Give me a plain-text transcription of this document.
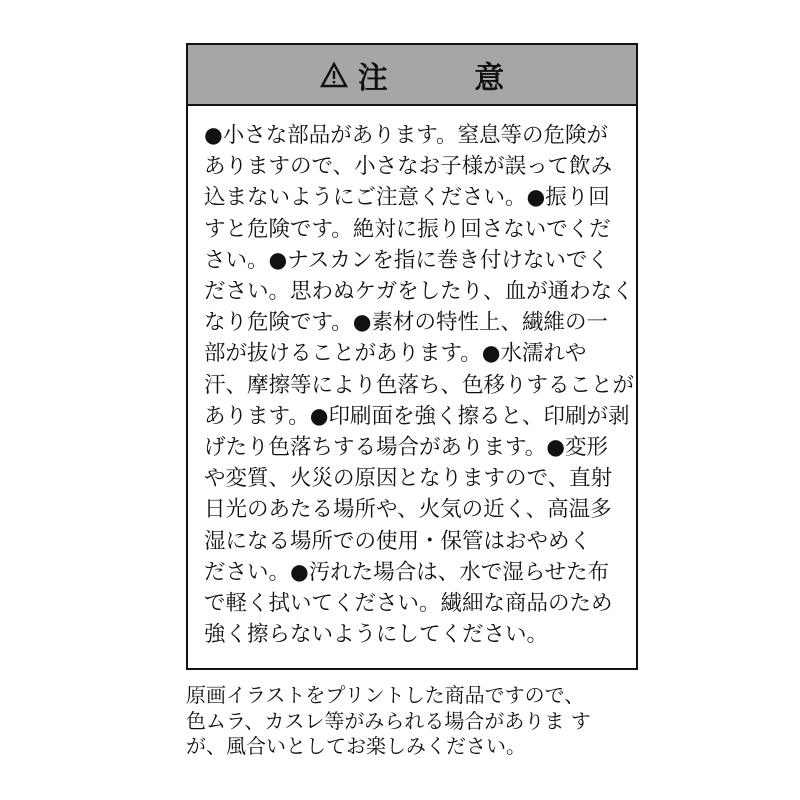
注 意
●小さな部品があります。窒息等の危険が
ありますので、小さなお子様が誤って飲み
込まないようにご注意ください。●振り回
すと危険です。絶対に振り回さないでくだ
さい。●ナスカンを指に巻き付けないでく
ださい。思わぬケガをしたり、血が通わなく
なり危険です。●素材の特性上、繊維の一
部が抜けることがあります。●水濡れや
汗、摩擦等により色落ち、色移りすることが
あります。●印刷面を強く擦ると、印刷が剥
げたり色落ちする場合があります。●変形
や変質、火災の原因となりますので、直射
日光のあたる場所や、火気の近く、高温多
湿になる場所での使用・保管はおやめく
ださい。●汚れた場合は、水で湿らせた布
で軽く拭いてください。繊細な商品のため
強く擦らないようにしてください。
原画イラストをプリントした商品ですので、
色ムラ、カスレ等がみられる場合がありま す
が、風合いとしてお楽しみください。
